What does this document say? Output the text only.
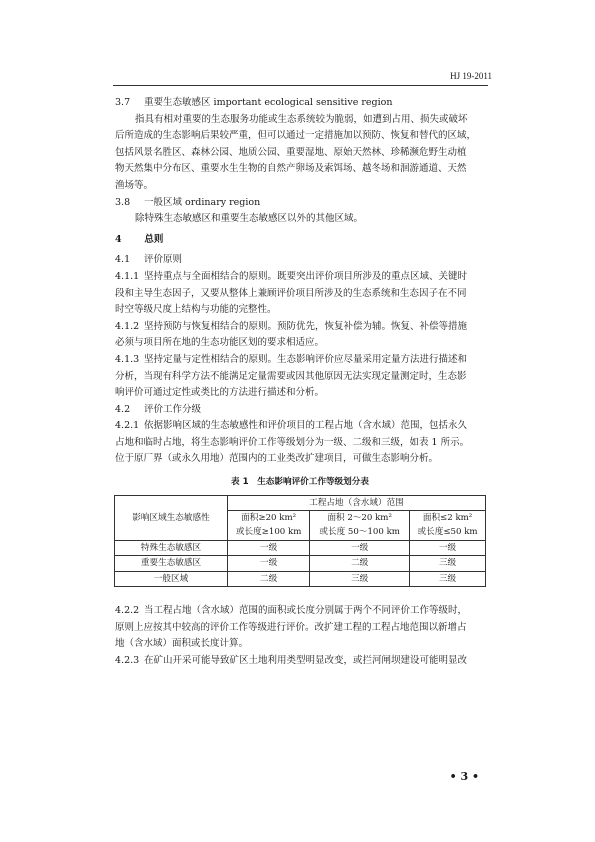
HJ 19-2011
3.7 重要生态敏感区 important ecological sensitive region
指具有相对重要的生态服务功能或生态系统较为脆弱，如遭到占用、损失或破坏
后所造成的生态影响后果较严重，但可以通过一定措施加以预防、恢复和替代的区域，
包括风景名胜区、森林公园、地质公园、重要湿地、原始天然林、珍稀濒危野生动植
物天然集中分布区、重要水生生物的自然产卵场及索饵场、越冬场和洄游通道、天然
渔场等。
3.8 一般区域 ordinary region
除特殊生态敏感区和重要生态敏感区以外的其他区域。
4 总则
4.1 评价原则
4.1.1 坚持重点与全面相结合的原则。既要突出评价项目所涉及的重点区域、关键时
段和主导生态因子，又要从整体上兼顾评价项目所涉及的生态系统和生态因子在不同
时空等级尺度上结构与功能的完整性。
4.1.2 坚持预防与恢复相结合的原则。预防优先，恢复补偿为辅。恢复、补偿等措施
必须与项目所在地的生态功能区划的要求相适应。
4.1.3 坚持定量与定性相结合的原则。生态影响评价应尽量采用定量方法进行描述和
分析，当现有科学方法不能满足定量需要或因其他原因无法实现定量测定时，生态影
响评价可通过定性或类比的方法进行描述和分析。
4.2 评价工作分级
4.2.1 依据影响区域的生态敏感性和评价项目的工程占地（含水域）范围，包括永久
占地和临时占地，将生态影响评价工作等级划分为一级、二级和三级，如表 1 所示。
位于原厂界（或永久用地）范围内的工业类改扩建项目，可做生态影响分析。
表 1　生态影响评价工作等级划分表
影响区域生态敏感性	工程占地（含水域）范围		
	面积≥20 km²	面积 2～20 km²	面积≤2 km²
	或长度≥100 km	或长度 50～100 km	或长度≤50 km
特殊生态敏感区	一级	一级	一级
重要生态敏感区	一级	二级	三级
一般区域	二级	三级	三级
4.2.2 当工程占地（含水域）范围的面积或长度分别属于两个不同评价工作等级时，
原则上应按其中较高的评价工作等级进行评价。改扩建工程的工程占地范围以新增占
地（含水域）面积或长度计算。
4.2.3 在矿山开采可能导致矿区土地利用类型明显改变，或拦河闸坝建设可能明显改
• 3 •
